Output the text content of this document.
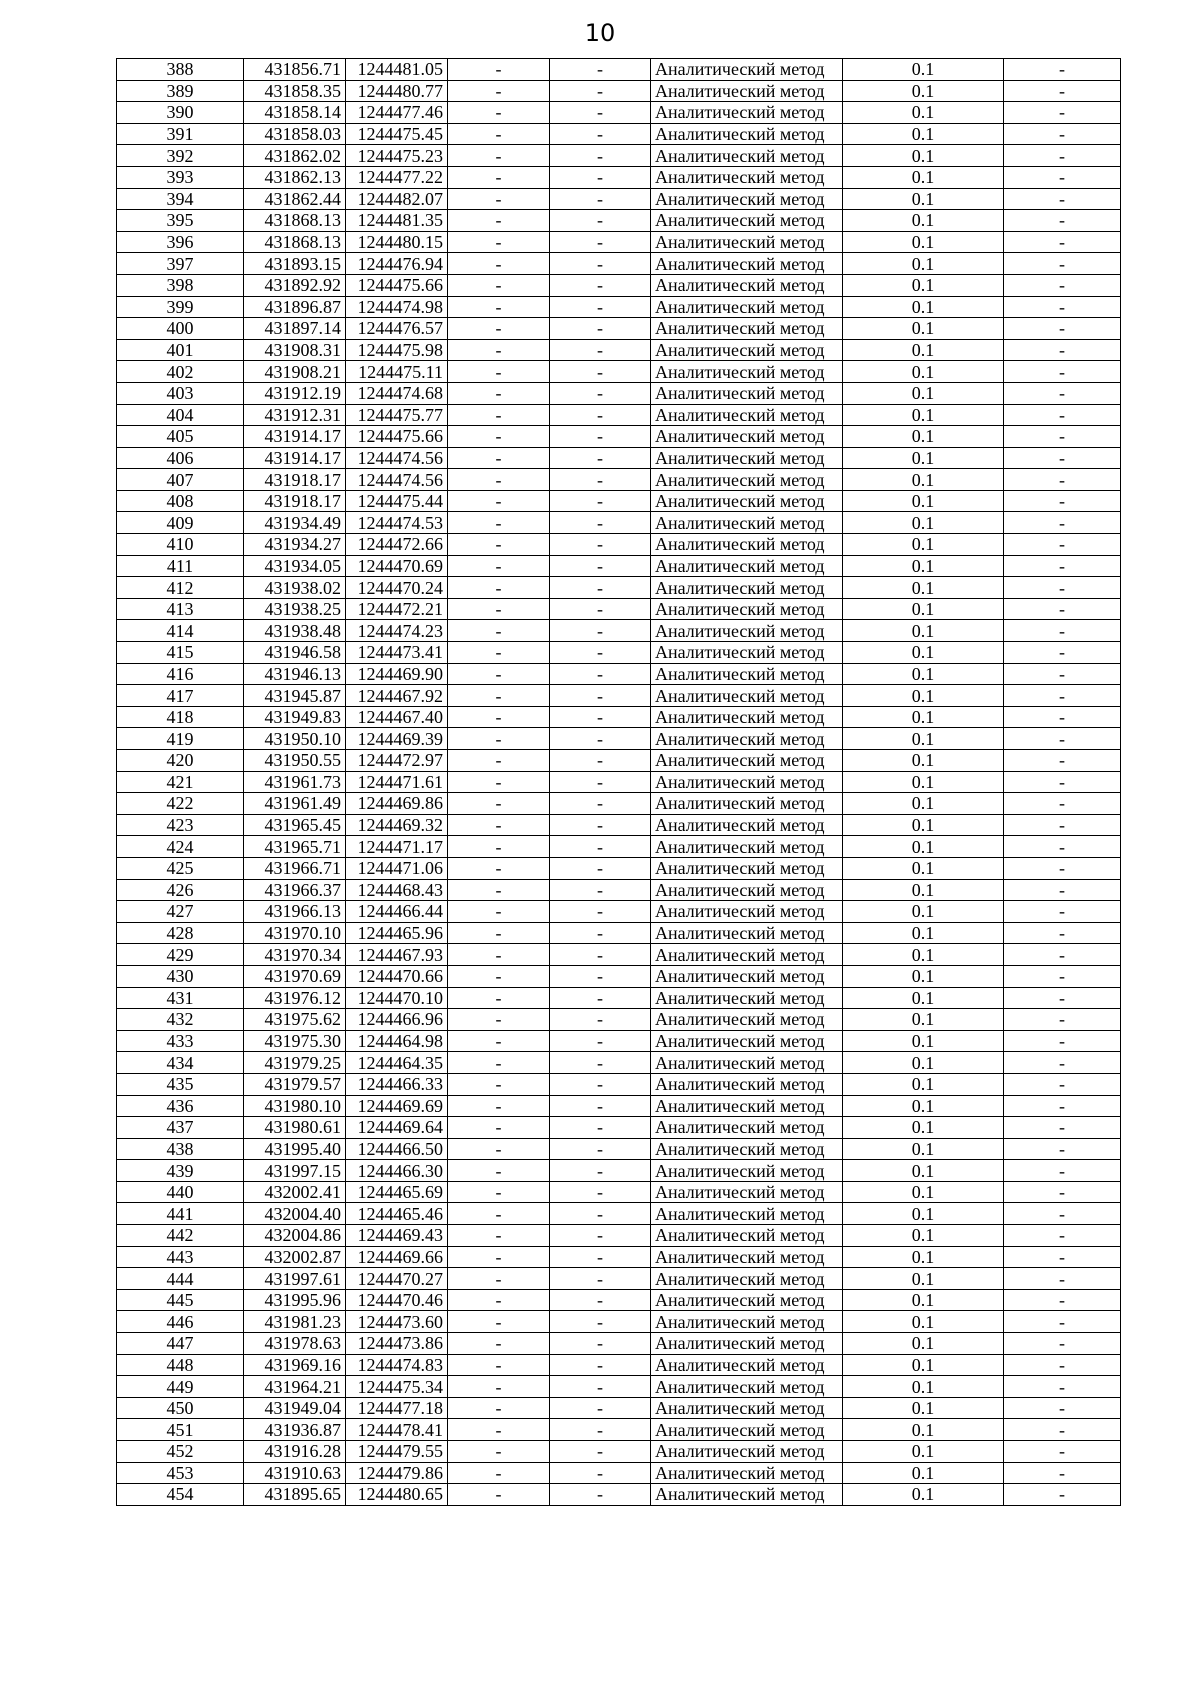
10
388	431856.71	1244481.05	-	-	Аналитический метод	0.1	-
389	431858.35	1244480.77	-	-	Аналитический метод	0.1	-
390	431858.14	1244477.46	-	-	Аналитический метод	0.1	-
391	431858.03	1244475.45	-	-	Аналитический метод	0.1	-
392	431862.02	1244475.23	-	-	Аналитический метод	0.1	-
393	431862.13	1244477.22	-	-	Аналитический метод	0.1	-
394	431862.44	1244482.07	-	-	Аналитический метод	0.1	-
395	431868.13	1244481.35	-	-	Аналитический метод	0.1	-
396	431868.13	1244480.15	-	-	Аналитический метод	0.1	-
397	431893.15	1244476.94	-	-	Аналитический метод	0.1	-
398	431892.92	1244475.66	-	-	Аналитический метод	0.1	-
399	431896.87	1244474.98	-	-	Аналитический метод	0.1	-
400	431897.14	1244476.57	-	-	Аналитический метод	0.1	-
401	431908.31	1244475.98	-	-	Аналитический метод	0.1	-
402	431908.21	1244475.11	-	-	Аналитический метод	0.1	-
403	431912.19	1244474.68	-	-	Аналитический метод	0.1	-
404	431912.31	1244475.77	-	-	Аналитический метод	0.1	-
405	431914.17	1244475.66	-	-	Аналитический метод	0.1	-
406	431914.17	1244474.56	-	-	Аналитический метод	0.1	-
407	431918.17	1244474.56	-	-	Аналитический метод	0.1	-
408	431918.17	1244475.44	-	-	Аналитический метод	0.1	-
409	431934.49	1244474.53	-	-	Аналитический метод	0.1	-
410	431934.27	1244472.66	-	-	Аналитический метод	0.1	-
411	431934.05	1244470.69	-	-	Аналитический метод	0.1	-
412	431938.02	1244470.24	-	-	Аналитический метод	0.1	-
413	431938.25	1244472.21	-	-	Аналитический метод	0.1	-
414	431938.48	1244474.23	-	-	Аналитический метод	0.1	-
415	431946.58	1244473.41	-	-	Аналитический метод	0.1	-
416	431946.13	1244469.90	-	-	Аналитический метод	0.1	-
417	431945.87	1244467.92	-	-	Аналитический метод	0.1	-
418	431949.83	1244467.40	-	-	Аналитический метод	0.1	-
419	431950.10	1244469.39	-	-	Аналитический метод	0.1	-
420	431950.55	1244472.97	-	-	Аналитический метод	0.1	-
421	431961.73	1244471.61	-	-	Аналитический метод	0.1	-
422	431961.49	1244469.86	-	-	Аналитический метод	0.1	-
423	431965.45	1244469.32	-	-	Аналитический метод	0.1	-
424	431965.71	1244471.17	-	-	Аналитический метод	0.1	-
425	431966.71	1244471.06	-	-	Аналитический метод	0.1	-
426	431966.37	1244468.43	-	-	Аналитический метод	0.1	-
427	431966.13	1244466.44	-	-	Аналитический метод	0.1	-
428	431970.10	1244465.96	-	-	Аналитический метод	0.1	-
429	431970.34	1244467.93	-	-	Аналитический метод	0.1	-
430	431970.69	1244470.66	-	-	Аналитический метод	0.1	-
431	431976.12	1244470.10	-	-	Аналитический метод	0.1	-
432	431975.62	1244466.96	-	-	Аналитический метод	0.1	-
433	431975.30	1244464.98	-	-	Аналитический метод	0.1	-
434	431979.25	1244464.35	-	-	Аналитический метод	0.1	-
435	431979.57	1244466.33	-	-	Аналитический метод	0.1	-
436	431980.10	1244469.69	-	-	Аналитический метод	0.1	-
437	431980.61	1244469.64	-	-	Аналитический метод	0.1	-
438	431995.40	1244466.50	-	-	Аналитический метод	0.1	-
439	431997.15	1244466.30	-	-	Аналитический метод	0.1	-
440	432002.41	1244465.69	-	-	Аналитический метод	0.1	-
441	432004.40	1244465.46	-	-	Аналитический метод	0.1	-
442	432004.86	1244469.43	-	-	Аналитический метод	0.1	-
443	432002.87	1244469.66	-	-	Аналитический метод	0.1	-
444	431997.61	1244470.27	-	-	Аналитический метод	0.1	-
445	431995.96	1244470.46	-	-	Аналитический метод	0.1	-
446	431981.23	1244473.60	-	-	Аналитический метод	0.1	-
447	431978.63	1244473.86	-	-	Аналитический метод	0.1	-
448	431969.16	1244474.83	-	-	Аналитический метод	0.1	-
449	431964.21	1244475.34	-	-	Аналитический метод	0.1	-
450	431949.04	1244477.18	-	-	Аналитический метод	0.1	-
451	431936.87	1244478.41	-	-	Аналитический метод	0.1	-
452	431916.28	1244479.55	-	-	Аналитический метод	0.1	-
453	431910.63	1244479.86	-	-	Аналитический метод	0.1	-
454	431895.65	1244480.65	-	-	Аналитический метод	0.1	-
